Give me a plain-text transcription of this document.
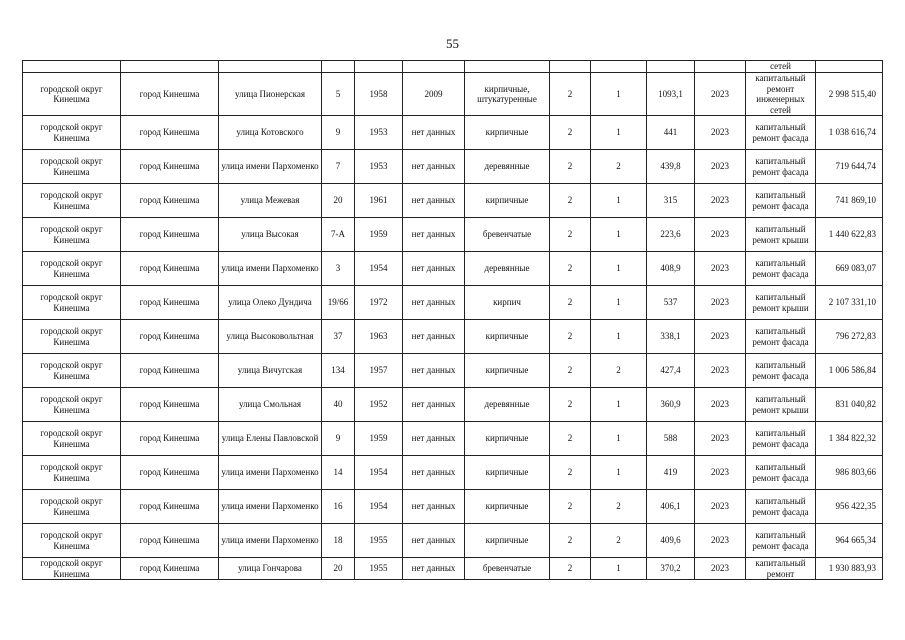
55
											сетей	
городской округ Кинешма	город Кинешма	улица Пионерская	5	1958	2009	кирпичные, штукатуренные	2	1	1093,1	2023	капитальный ремонт инженерных сетей	2 998 515,40
городской округ Кинешма	город Кинешма	улица Котовского	9	1953	нет данных	кирпичные	2	1	441	2023	капитальный ремонт фасада	1 038 616,74
городской округ Кинешма	город Кинешма	улица имени Пархоменко	7	1953	нет данных	деревянные	2	2	439,8	2023	капитальный ремонт фасада	719 644,74
городской округ Кинешма	город Кинешма	улица Межевая	20	1961	нет данных	кирпичные	2	1	315	2023	капитальный ремонт фасада	741 869,10
городской округ Кинешма	город Кинешма	улица Высокая	7-А	1959	нет данных	бревенчатые	2	1	223,6	2023	капитальный ремонт крыши	1 440 622,83
городской округ Кинешма	город Кинешма	улица имени Пархоменко	3	1954	нет данных	деревянные	2	1	408,9	2023	капитальный ремонт фасада	669 083,07
городской округ Кинешма	город Кинешма	улица Олеко Дундича	19/66	1972	нет данных	кирпич	2	1	537	2023	капитальный ремонт крыши	2 107 331,10
городской округ Кинешма	город Кинешма	улица Высоковольтная	37	1963	нет данных	кирпичные	2	1	338,1	2023	капитальный ремонт фасада	796 272,83
городской округ Кинешма	город Кинешма	улица Вичугская	134	1957	нет данных	кирпичные	2	2	427,4	2023	капитальный ремонт фасада	1 006 586,84
городской округ Кинешма	город Кинешма	улица Смольная	40	1952	нет данных	деревянные	2	1	360,9	2023	капитальный ремонт крыши	831 040,82
городской округ Кинешма	город Кинешма	улица Елены Павловской	9	1959	нет данных	кирпичные	2	1	588	2023	капитальный ремонт фасада	1 384 822,32
городской округ Кинешма	город Кинешма	улица имени Пархоменко	14	1954	нет данных	кирпичные	2	1	419	2023	капитальный ремонт фасада	986 803,66
городской округ Кинешма	город Кинешма	улица имени Пархоменко	16	1954	нет данных	кирпичные	2	2	406,1	2023	капитальный ремонт фасада	956 422,35
городской округ Кинешма	город Кинешма	улица имени Пархоменко	18	1955	нет данных	кирпичные	2	2	409,6	2023	капитальный ремонт фасада	964 665,34
городской округ Кинешма	город Кинешма	улица Гончарова	20	1955	нет данных	бревенчатые	2	1	370,2	2023	капитальный ремонт	1 930 883,93
